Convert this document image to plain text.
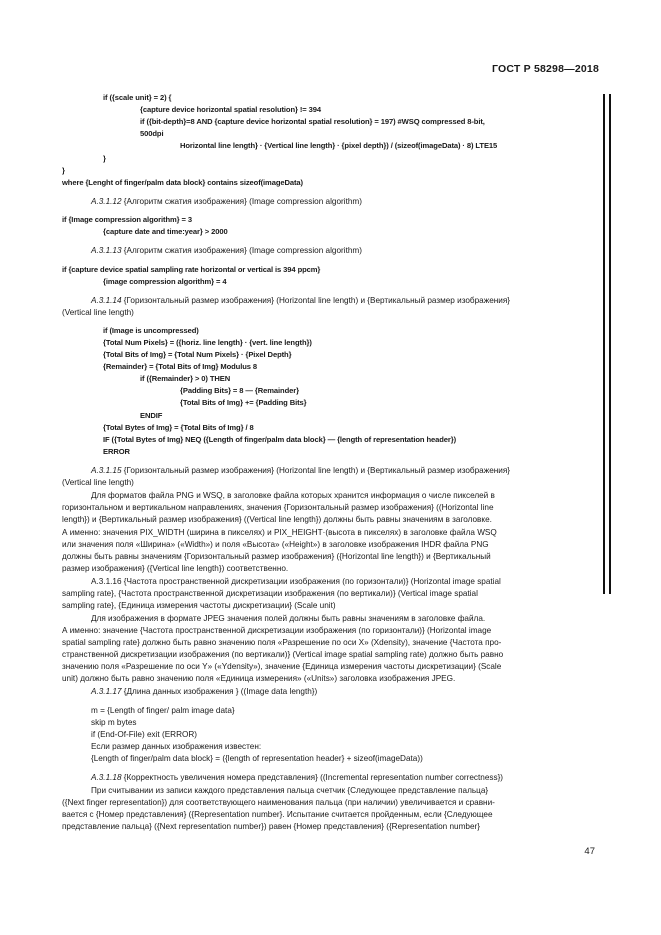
ГОСТ Р 58298—2018
if ({scale unit} = 2) {
{capture device horizontal spatial resolution} != 394
if ({bit-depth}=8 AND {capture device horizontal spatial resolution} = 197) #WSQ compressed 8-bit,
500dpi
Horizontal line length} · {Vertical line length} · {pixel depth}) / (sizeof(imageData) · 8) LTE15
}
}
where {Lenght of finger/palm data block} contains sizeof(imageData)
A.3.1.12 {Алгоритм сжатия изображения} (Image compression algorithm)
if {Image compression algorithm} = 3
{capture date and time:year} > 2000
A.3.1.13 {Алгоритм сжатия изображения} (Image compression algorithm)
if {capture device spatial sampling rate horizontal or vertical is 394 ppcm}
{image compression algorithm} = 4
A.3.1.14 {Горизонтальный размер изображения} (Horizontal line length) и {Вертикальный размер изображения}
(Vertical line length)
if (Image is uncompressed)
{Total Num Pixels} = ({horiz. line length} · {vert. line length})
{Total Bits of Img} = {Total Num Pixels} · {Pixel Depth}
{Remainder} = {Total Bits of Img} Modulus 8
if ({Remainder} > 0) THEN
{Padding Bits} = 8 — {Remainder}
{Total Bits of Img} += {Padding Bits}
ENDIF
{Total Bytes of Img} = {Total Bits of Img} / 8
IF ({Total Bytes of Img} NEQ ({Length of finger/palm data block} — {length of representation header})
ERROR
A.3.1.15 {Горизонтальный размер изображения} (Horizontal line length) и {Вертикальный размер изображения}
(Vertical line length)
Для форматов файла PNG и WSQ, в заголовке файла которых хранится информация о числе пикселей в
горизонтальном и вертикальном направлениях, значения {Горизонтальный размер изображения} ((Horizontal line
length}) и {Вертикальный размер изображения} ((Vertical line length}) должны быть равны значениям в заголовке.
А именно: значения PIX_WIDTH (ширина в пикселях) и PIX_HEIGHT·(высота в пикселях) в заголовке файла WSQ
или значения поля «Ширина» («Width») и поля «Высота» («Height») в заголовке изображения IHDR файла PNG
должны быть равны значениям {Горизонтальный размер изображения} ({Horizontal line length}) и {Вертикальный
размер изображения} ({Vertical line length}) соответственно.
A.3.1.16 {Частота пространственной дискретизации изображения (по горизонтали)} (Horizontal image spatial
sampling rate}, {Частота пространственной дискретизации изображения (по вертикали)} (Vertical image spatial
sampling rate}, {Единица измерения частоты дискретизации} (Scale unit)
Для изображения в формате JPEG значения полей должны быть равны значениям в заголовке файла.
А именно: значение {Частота пространственной дискретизации изображения (по горизонтали)} (Horizontal image
spatial sampling rate} должно быть равно значению поля «Разрешение по оси X» (Xdensity), значение {Частота про-
странственной дискретизации изображения (по вертикали)} (Vertical image spatial sampling rate) должно быть равно
значению поля «Разрешение по оси Y» («Ydensity»), значение {Единица измерения частоты дискретизации} (Scale
unit) должно быть равно значению поля «Единица измерения» («Units») заголовка изображения JPEG.
A.3.1.17 {Длина данных изображения } ((Image data length})
m = {Length of finger/ palm image data}
skip m bytes
if (End-Of-File) exit (ERROR)
Если размер данных изображения известен:
{Length of finger/palm data block} = ({length of representation header} + sizeof(imageData))
A.3.1.18 {Корректность увеличения номера представления} ((Incremental representation number correctness})
При считывании из записи каждого представления пальца счетчик {Следующее представление пальца}
({Next finger representation}) для соответствующего наименования пальца (при наличии) увеличивается и сравни-
вается с {Номер представления} ({Representation number}. Испытание считается пройденным, если {Следующее
представление пальца} ({Next representation number}) равен {Номер представления} ({Representation number}
47
